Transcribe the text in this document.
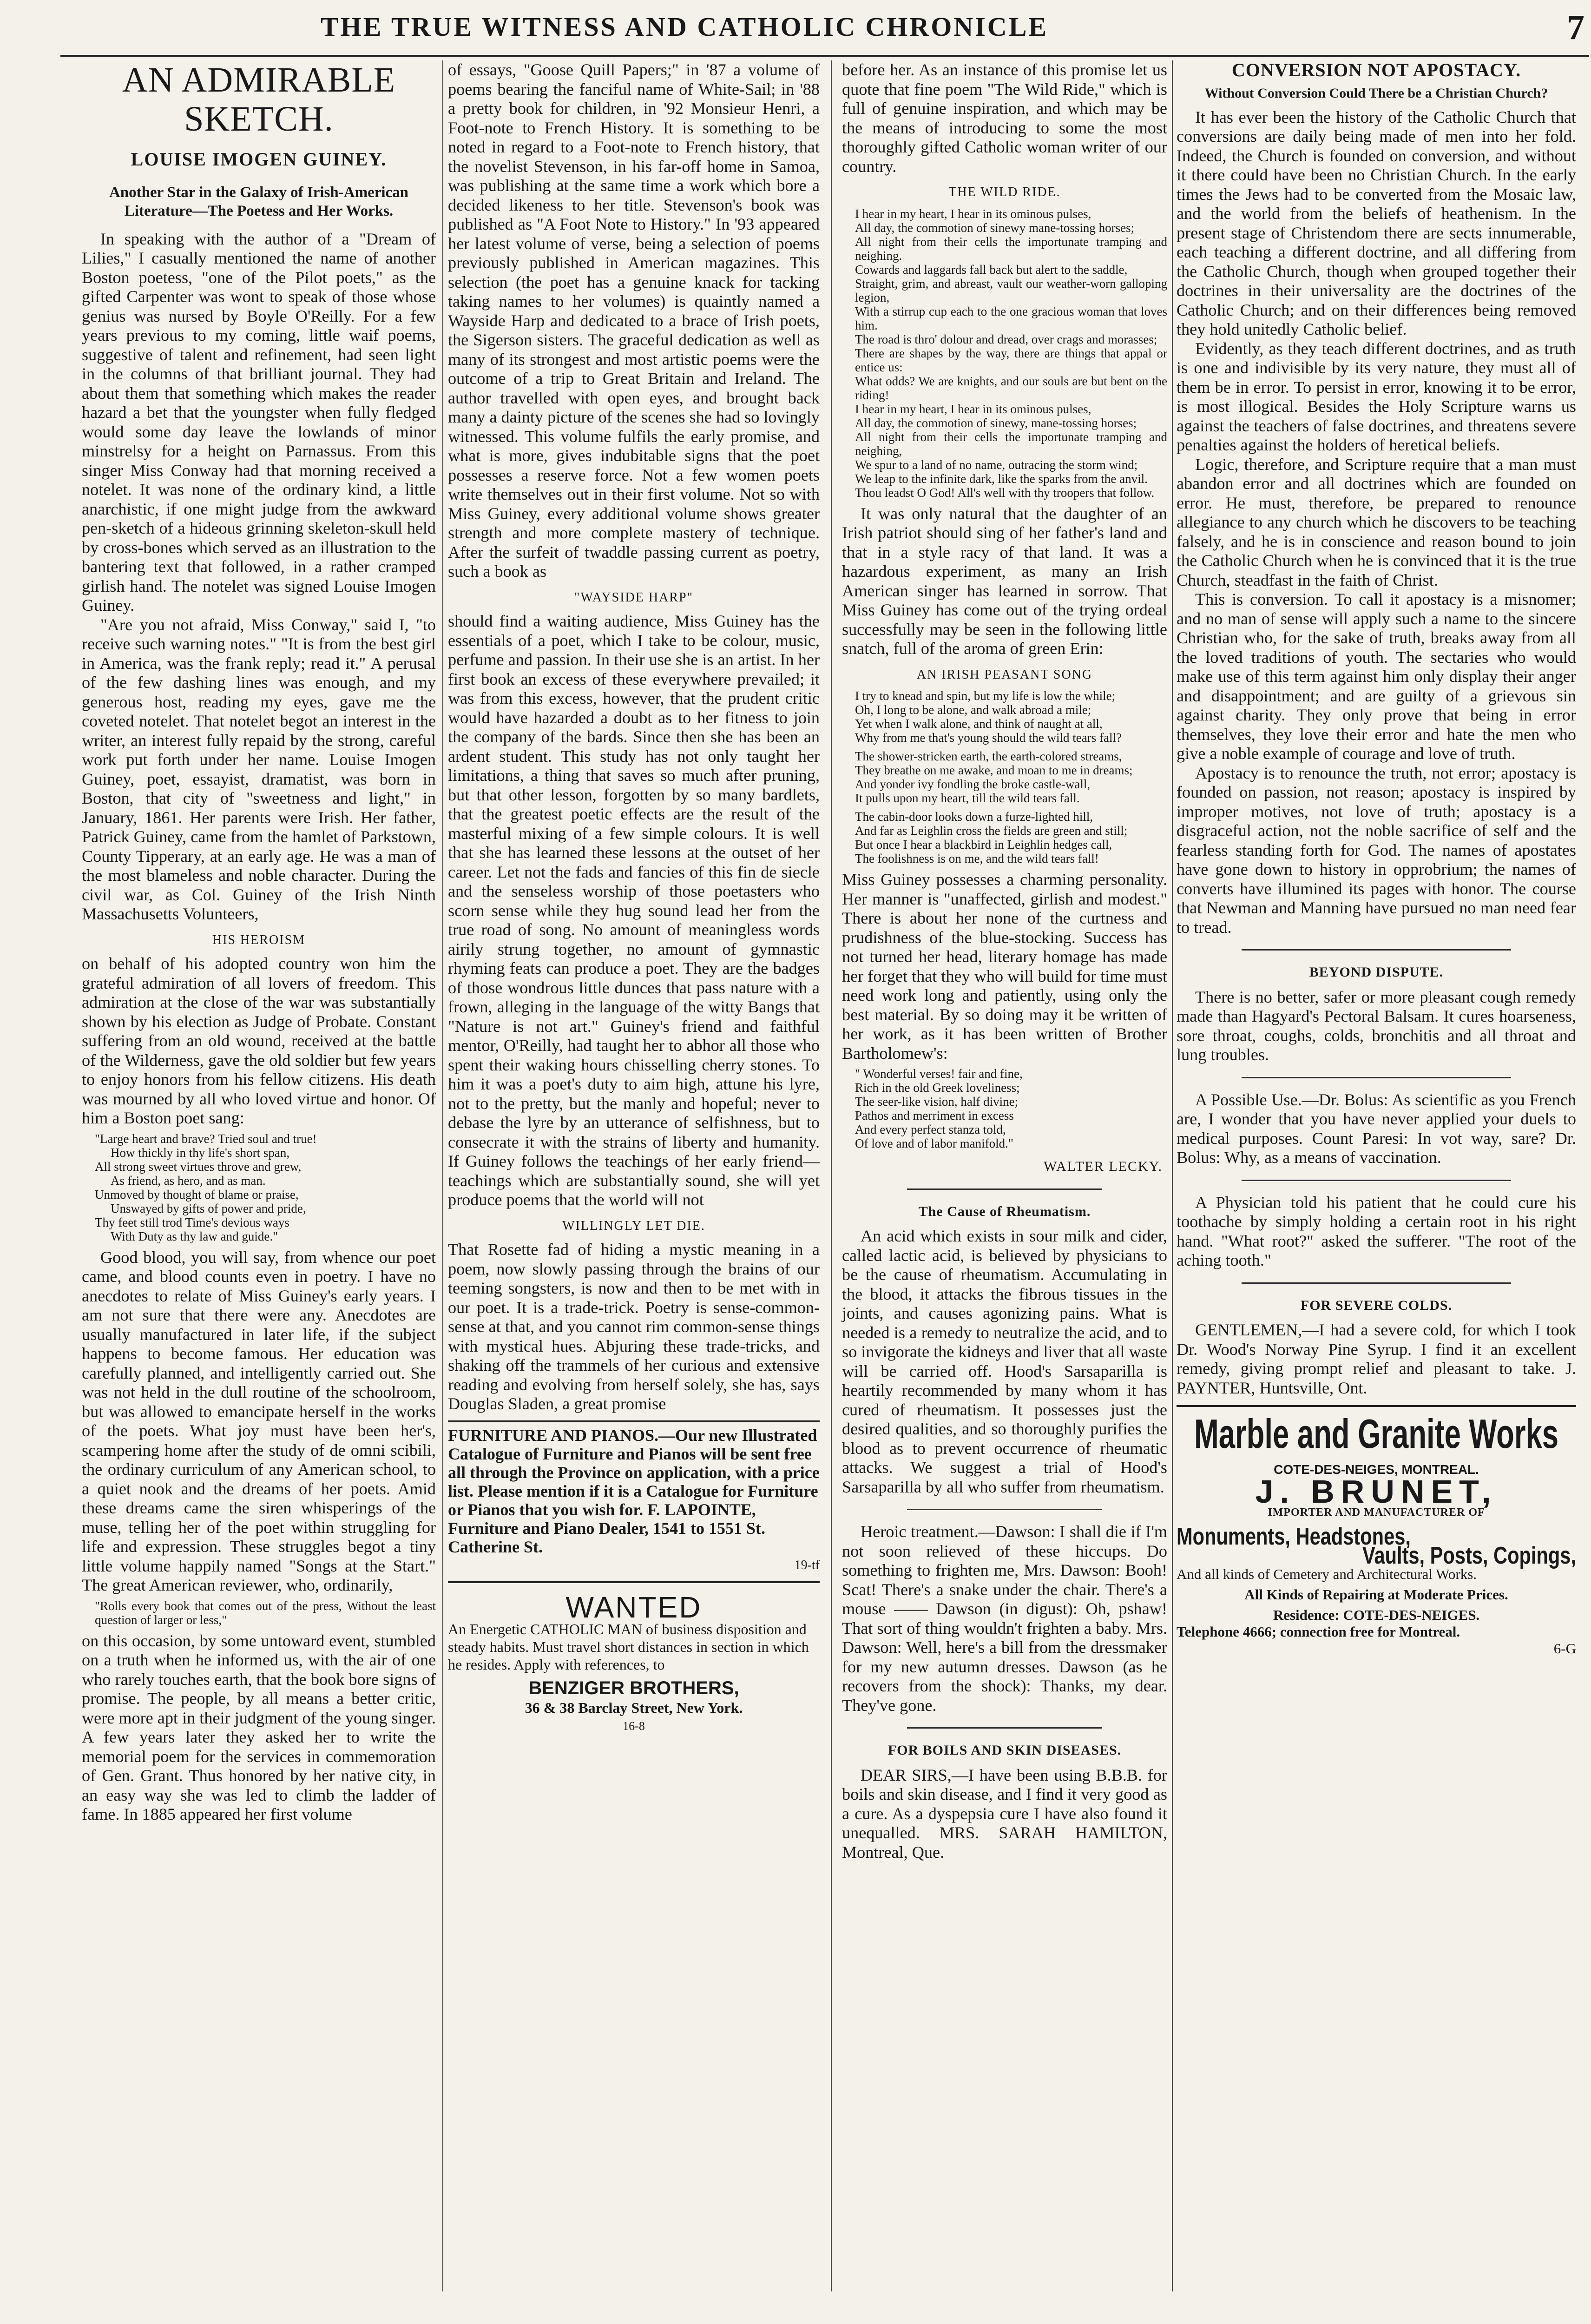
THE TRUE WITNESS AND CATHOLIC CHRONICLE	7
AN ADMIRABLE SKETCH.
LOUISE IMOGEN GUINEY.
Another Star in the Galaxy of Irish-American Literature—The Poetess and Her Works.

In speaking with the author of a "Dream of Lilies," I casually mentioned the name of another Boston poetess, "one of the Pilot poets," as the gifted Carpenter was wont to speak of those whose genius was nursed by Boyle O'Reilly. For a few years previous to my coming, little waif poems, suggestive of talent and refinement, had seen light in the columns of that brilliant journal. They had about them that something which makes the reader hazard a bet that the youngster when fully fledged would some day leave the lowlands of minor minstrelsy for a height on Parnassus. From this singer Miss Conway had that morning received a notelet. It was none of the ordinary kind, a little anarchistic, if one might judge from the awkward pen-sketch of a hideous grinning skeleton-skull held by cross-bones which served as an illustration to the bantering text that followed, in a rather cramped girlish hand. The notelet was signed Louise Imogen Guiney.

"Are you not afraid, Miss Conway," said I, "to receive such warning notes." "It is from the best girl in America, was the frank reply; read it." A perusal of the few dashing lines was enough, and my generous host, reading my eyes, gave me the coveted notelet. That notelet begot an interest in the writer, an interest fully repaid by the strong, careful work put forth under her name. Louise Imogen Guiney, poet, essayist, dramatist, was born in Boston, that city of "sweetness and light," in January, 1861. Her parents were Irish. Her father, Patrick Guiney, came from the hamlet of Parkstown, County Tipperary, at an early age. He was a man of the most blameless and noble character. During the civil war, as Col. Guiney of the Irish Ninth Massachusetts Volunteers,

HIS HEROISM

on behalf of his adopted country won him the grateful admiration of all lovers of freedom. This admiration at the close of the war was substantially shown by his election as Judge of Probate. Constant suffering from an old wound, received at the battle of the Wilderness, gave the old soldier but few years to enjoy honors from his fellow citizens. His death was mourned by all who loved virtue and honor. Of him a Boston poet sang:

"Large heart and brave? Tried soul and true!
How thickly in thy life's short span,
All strong sweet virtues throve and grew,
As friend, as hero, and as man.
Unmoved by thought of blame or praise,
Unswayed by gifts of power and pride,
Thy feet still trod Time's devious ways
With Duty as thy law and guide."

Good blood, you will say, from whence our poet came, and blood counts even in poetry. I have no anecdotes to relate of Miss Guiney's early years. I am not sure that there were any. Anecdotes are usually manufactured in later life, if the subject happens to become famous. Her education was carefully planned, and intelligently carried out. She was not held in the dull routine of the schoolroom, but was allowed to emancipate herself in the works of the poets. What joy must have been her's, scampering home after the study of de omni scibili, the ordinary curriculum of any American school, to a quiet nook and the dreams of her poets. Amid these dreams came the siren whisperings of the muse, telling her of the poet within struggling for life and expression. These struggles begot a tiny little volume happily named "Songs at the Start." The great American reviewer, who, ordinarily,

"Rolls every book that comes out of the press, Without the least question of larger or less,"

on this occasion, by some untoward event, stumbled on a truth when he informed us, with the air of one who rarely touches earth, that the book bore signs of promise. The people, by all means a better critic, were more apt in their judgment of the young singer. A few years later they asked her to write the memorial poem for the services in commemoration of Gen. Grant. Thus honored by her native city, in an easy way she was led to climb the ladder of fame. In 1885 appeared her first volume

of essays, "Goose Quill Papers;" in '87 a volume of poems bearing the fanciful name of White-Sail; in '88 a pretty book for children, in '92 Monsieur Henri, a Foot-note to French History. It is something to be noted in regard to a Foot-note to French history, that the novelist Stevenson, in his far-off home in Samoa, was publishing at the same time a work which bore a decided likeness to her title. Stevenson's book was published as "A Foot Note to History." In '93 appeared her latest volume of verse, being a selection of poems previously published in American magazines. This selection (the poet has a genuine knack for tacking taking names to her volumes) is quaintly named a Wayside Harp and dedicated to a brace of Irish poets, the Sigerson sisters. The graceful dedication as well as many of its strongest and most artistic poems were the outcome of a trip to Great Britain and Ireland. The author travelled with open eyes, and brought back many a dainty picture of the scenes she had so lovingly witnessed. This volume fulfils the early promise, and what is more, gives indubitable signs that the poet possesses a reserve force. Not a few women poets write themselves out in their first volume. Not so with Miss Guiney, every additional volume shows greater strength and more complete mastery of technique. After the surfeit of twaddle passing current as poetry, such a book as

"WAYSIDE HARP"

should find a waiting audience, Miss Guiney has the essentials of a poet, which I take to be colour, music, perfume and passion. In their use she is an artist. In her first book an excess of these everywhere prevailed; it was from this excess, however, that the prudent critic would have hazarded a doubt as to her fitness to join the company of the bards. Since then she has been an ardent student. This study has not only taught her limitations, a thing that saves so much after pruning, but that other lesson, forgotten by so many bardlets, that the greatest poetic effects are the result of the masterful mixing of a few simple colours. It is well that she has learned these lessons at the outset of her career. Let not the fads and fancies of this fin de siecle and the senseless worship of those poetasters who scorn sense while they hug sound lead her from the true road of song. No amount of meaningless words airily strung together, no amount of gymnastic rhyming feats can produce a poet. They are the badges of those wondrous little dunces that pass nature with a frown, alleging in the language of the witty Bangs that "Nature is not art." Guiney's friend and faithful mentor, O'Reilly, had taught her to abhor all those who spent their waking hours chisselling cherry stones. To him it was a poet's duty to aim high, attune his lyre, not to the pretty, but the manly and hopeful; never to debase the lyre by an utterance of selfishness, but to consecrate it with the strains of liberty and humanity. If Guiney follows the teachings of her early friend—teachings which are substantially sound, she will yet produce poems that the world will not

WILLINGLY LET DIE.

That Rosette fad of hiding a mystic meaning in a poem, now slowly passing through the brains of our teeming songsters, is now and then to be met with in our poet. It is a trade-trick. Poetry is sense-common-sense at that, and you cannot rim common-sense things with mystical hues. Abjuring these trade-tricks, and shaking off the trammels of her curious and extensive reading and evolving from herself solely, she has, says Douglas Sladen, a great promise

FURNITURE AND PIANOS.—Our new Illustrated Catalogue of Furniture and Pianos will be sent free all through the Province on application, with a price list. Please mention if it is a Catalogue for Furniture or Pianos that you wish for. F. LAPOINTE, Furniture and Piano Dealer, 1541 to 1551 St. Catherine St.
19-tf
WANTED
An Energetic CATHOLIC MAN of business disposition and steady habits. Must travel short distances in section in which he resides. Apply with references, to
BENZIGER BROTHERS,
36 & 38 Barclay Street, New York.
16-8

before her. As an instance of this promise let us quote that fine poem "The Wild Ride," which is full of genuine inspiration, and which may be the means of introducing to some the most thoroughly gifted Catholic woman writer of our country.

THE WILD RIDE.
I hear in my heart, I hear in its ominous pulses,
All day, the commotion of sinewy mane-tossing horses;
All night from their cells the importunate tramping and neighing.
Cowards and laggards fall back but alert to the saddle,
Straight, grim, and abreast, vault our weather-worn galloping legion,
With a stirrup cup each to the one gracious woman that loves him.
The road is thro' dolour and dread, over crags and morasses;
There are shapes by the way, there are things that appal or entice us:
What odds? We are knights, and our souls are but bent on the riding!
I hear in my heart, I hear in its ominous pulses,
All day, the commotion of sinewy, mane-tossing horses;
All night from their cells the importunate tramping and neighing,
We spur to a land of no name, outracing the storm wind;
We leap to the infinite dark, like the sparks from the anvil.
Thou leadst O God! All's well with thy troopers that follow.

It was only natural that the daughter of an Irish patriot should sing of her father's land and that in a style racy of that land. It was a hazardous experiment, as many an Irish American singer has learned in sorrow. That Miss Guiney has come out of the trying ordeal successfully may be seen in the following little snatch, full of the aroma of green Erin:

AN IRISH PEASANT SONG
I try to knead and spin, but my life is low the while;
Oh, I long to be alone, and walk abroad a mile;
Yet when I walk alone, and think of naught at all,
Why from me that's young should the wild tears fall?
The shower-stricken earth, the earth-colored streams,
They breathe on me awake, and moan to me in dreams;
And yonder ivy fondling the broke castle-wall,
It pulls upon my heart, till the wild tears fall.
The cabin-door looks down a furze-lighted hill,
And far as Leighlin cross the fields are green and still;
But once I hear a blackbird in Leighlin hedges call,
The foolishness is on me, and the wild tears fall!

Miss Guiney possesses a charming personality. Her manner is "unaffected, girlish and modest." There is about her none of the curtness and prudishness of the blue-stocking. Success has not turned her head, literary homage has made her forget that they who will build for time must need work long and patiently, using only the best material. By so doing may it be written of her work, as it has been written of Brother Bartholomew's:

" Wonderful verses! fair and fine,
Rich in the old Greek loveliness;
The seer-like vision, half divine;
Pathos and merriment in excess
And every perfect stanza told,
Of love and of labor manifold."
WALTER LECKY.
The Cause of Rheumatism.

An acid which exists in sour milk and cider, called lactic acid, is believed by physicians to be the cause of rheumatism. Accumulating in the blood, it attacks the fibrous tissues in the joints, and causes agonizing pains. What is needed is a remedy to neutralize the acid, and to so invigorate the kidneys and liver that all waste will be carried off. Hood's Sarsaparilla is heartily recommended by many whom it has cured of rheumatism. It possesses just the desired qualities, and so thoroughly purifies the blood as to prevent occurrence of rheumatic attacks. We suggest a trial of Hood's Sarsaparilla by all who suffer from rheumatism.

Heroic treatment.—Dawson: I shall die if I'm not soon relieved of these hiccups. Do something to frighten me, Mrs. Dawson: Booh! Scat! There's a snake under the chair. There's a mouse —— Dawson (in digust): Oh, pshaw! That sort of thing wouldn't frighten a baby. Mrs. Dawson: Well, here's a bill from the dressmaker for my new autumn dresses. Dawson (as he recovers from the shock): Thanks, my dear. They've gone.

FOR BOILS AND SKIN DISEASES.

DEAR SIRS,—I have been using B.B.B. for boils and skin disease, and I find it very good as a cure. As a dyspepsia cure I have also found it unequalled. MRS. SARAH HAMILTON, Montreal, Que.

CONVERSION NOT APOSTACY.
Without Conversion Could There be a Christian Church?

It has ever been the history of the Catholic Church that conversions are daily being made of men into her fold. Indeed, the Church is founded on conversion, and without it there could have been no Christian Church. In the early times the Jews had to be converted from the Mosaic law, and the world from the beliefs of heathenism. In the present stage of Christendom there are sects innumerable, each teaching a different doctrine, and all differing from the Catholic Church, though when grouped together their doctrines in their universality are the doctrines of the Catholic Church; and on their differences being removed they hold unitedly Catholic belief.

Evidently, as they teach different doctrines, and as truth is one and indivisible by its very nature, they must all of them be in error. To persist in error, knowing it to be error, is most illogical. Besides the Holy Scripture warns us against the teachers of false doctrines, and threatens severe penalties against the holders of heretical beliefs.

Logic, therefore, and Scripture require that a man must abandon error and all doctrines which are founded on error. He must, therefore, be prepared to renounce allegiance to any church which he discovers to be teaching falsely, and he is in conscience and reason bound to join the Catholic Church when he is convinced that it is the true Church, steadfast in the faith of Christ.

This is conversion. To call it apostacy is a misnomer; and no man of sense will apply such a name to the sincere Christian who, for the sake of truth, breaks away from all the loved traditions of youth. The sectaries who would make use of this term against him only display their anger and disappointment; and are guilty of a grievous sin against charity. They only prove that being in error themselves, they love their error and hate the men who give a noble example of courage and love of truth.

Apostacy is to renounce the truth, not error; apostacy is founded on passion, not reason; apostacy is inspired by improper motives, not love of truth; apostacy is a disgraceful action, not the noble sacrifice of self and the fearless standing forth for God. The names of apostates have gone down to history in opprobrium; the names of converts have illumined its pages with honor. The course that Newman and Manning have pursued no man need fear to tread.

BEYOND DISPUTE.

There is no better, safer or more pleasant cough remedy made than Hagyard's Pectoral Balsam. It cures hoarseness, sore throat, coughs, colds, bronchitis and all throat and lung troubles.

A Possible Use.—Dr. Bolus: As scientific as you French are, I wonder that you have never applied your duels to medical purposes. Count Paresi: In vot way, sare? Dr. Bolus: Why, as a means of vaccination.

A Physician told his patient that he could cure his toothache by simply holding a certain root in his right hand. "What root?" asked the sufferer. "The root of the aching tooth."

FOR SEVERE COLDS.

GENTLEMEN,—I had a severe cold, for which I took Dr. Wood's Norway Pine Syrup. I find it an excellent remedy, giving prompt relief and pleasant to take. J. PAYNTER, Huntsville, Ont.

Marble and Granite Works
COTE-DES-NEIGES, MONTREAL.
J. BRUNET,
IMPORTER AND MANUFACTURER OF
Monuments, Headstones,
Vaults, Posts, Copings,
And all kinds of Cemetery and Architectural Works.
All Kinds of Repairing at Moderate Prices.
Residence: COTE-DES-NEIGES.
Telephone 4666; connection free for Montreal.
6-G
